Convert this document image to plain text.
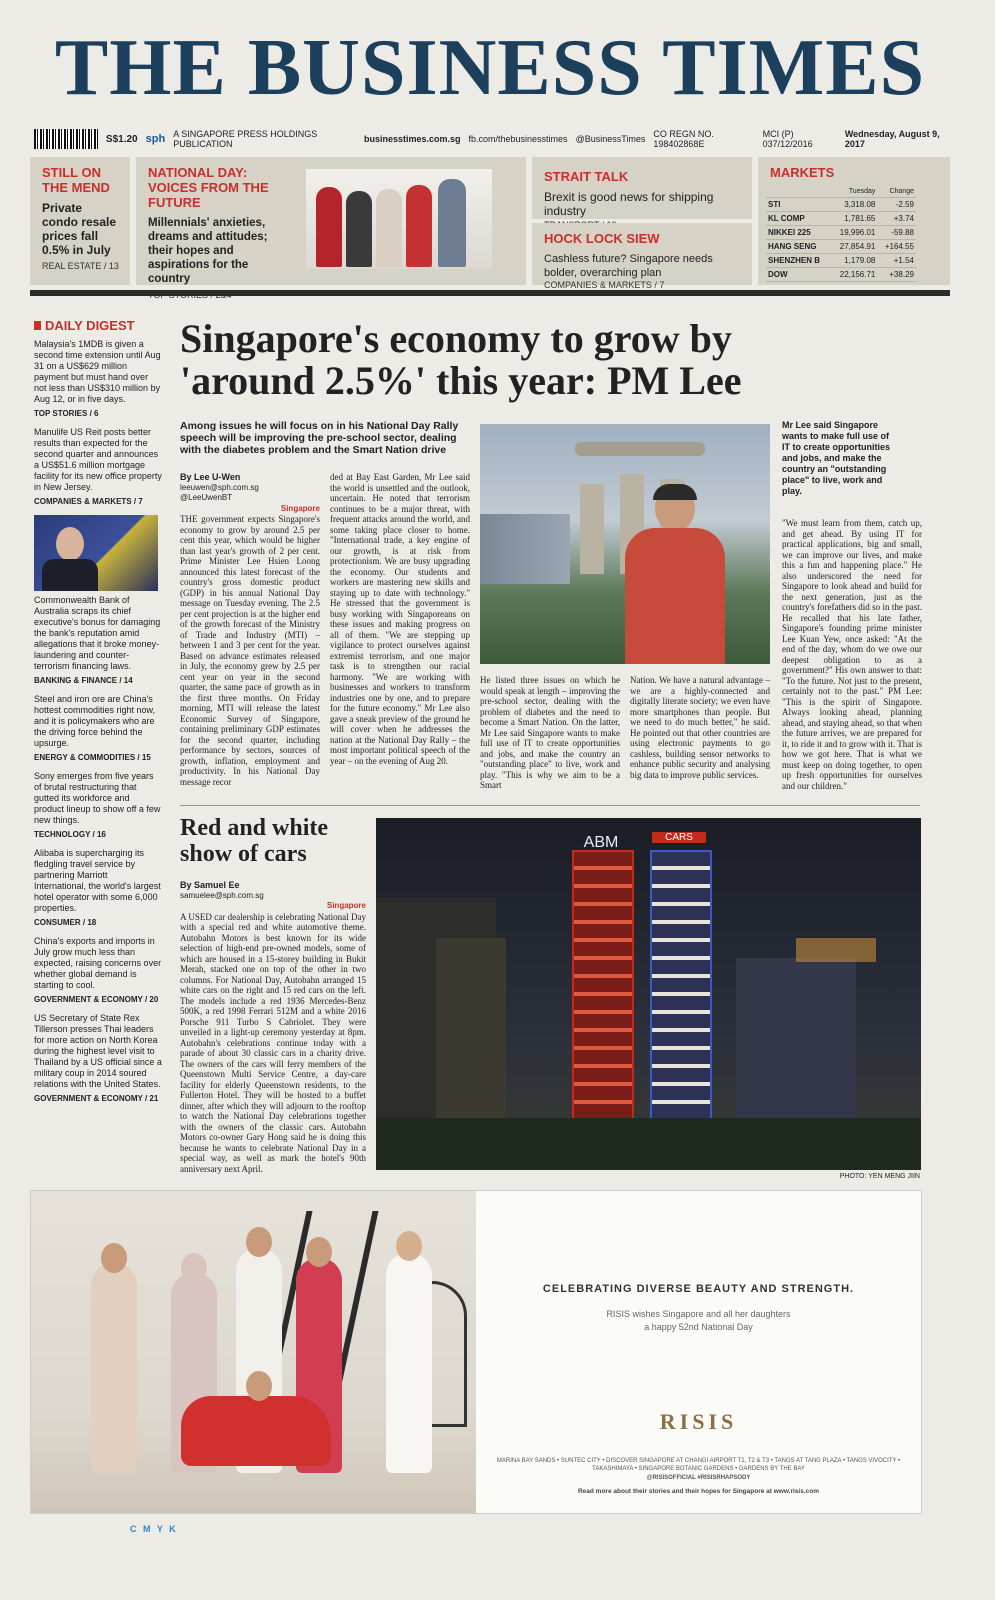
THE BUSINESS TIMES
S$1.20 sph A SINGAPORE PRESS HOLDINGS PUBLICATION	businesstimes.com.sg fb.com/thebusinesstimes @BusinessTimes CO REGN NO. 198402868E
MCI (P) 037/12/2016
Wednesday, August 9, 2017
STILL ON THE MEND

Private condo resale prices fall 0.5% in July

REAL ESTATE / 13
NATIONAL DAY: VOICES FROM THE FUTURE

Millennials' anxieties, dreams and attitudes; their hopes and aspirations for the country

STRAIT TALK

Brexit is good news for shipping industry

HOCK LOCK SIEW

Cashless future? Singapore needs bolder, overarching plan

COMPANIES & MARKETS / 7
MARKETS
	Tuesday	Change
STI	3,318.08	-2.59
KL COMP	1,781.65	+3.74
NIKKEI 225	19,996.01	-59.88
HANG SENG	27,854.91	+164.55
SHENZHEN B	1,179.08	+1.54
DOW	22,156.71	+38.29
DAILY DIGEST
Malaysia's 1MDB is given a second time extension until Aug 31 on a US$629 million payment but must hand over not less than US$310 million by Aug 12, or in five days.
TOP STORIES / 6
Manulife US Reit posts better results than expected for the second quarter and announces a US$51.6 million mortgage facility for its new office property in New Jersey.
COMPANIES & MARKETS / 7
Commonwealth Bank of Australia scraps its chief executive's bonus for damaging the bank's reputation amid allegations that it broke money-laundering and counter-terrorism financing laws.
BANKING & FINANCE / 14
Steel and iron ore are China's hottest commodities right now, and it is policymakers who are the driving force behind the upsurge.
ENERGY & COMMODITIES / 15
Sony emerges from five years of brutal restructuring that gutted its workforce and product lineup to show off a few new things.
TECHNOLOGY / 16
Alibaba is supercharging its fledgling travel service by partnering Marriott International, the world's largest hotel operator with some 6,000 properties.
CONSUMER / 18
China's exports and imports in July grow much less than expected, raising concerns over whether global demand is starting to cool.
GOVERNMENT & ECONOMY / 20
US Secretary of State Rex Tillerson presses Thai leaders for more action on North Korea during the highest level visit to Thailand by a US official since a military coup in 2014 soured relations with the United States.
GOVERNMENT & ECONOMY / 21
Singapore's economy to grow by 'around 2.5%' this year: PM Lee
Among issues he will focus on in his National Day Rally speech will be improving the pre-school sector, dealing with the diabetes problem and the Smart Nation drive
By Lee U-Wen
leeuwen@sph.com.sg
@LeeUwenBT
Singapore
THE government expects Singapore's economy to grow by around 2.5 per cent this year, which would be higher than last year's growth of 2 per cent. Prime Minister Lee Hsien Loong announced this latest forecast of the country's gross domestic product (GDP) in his annual National Day message on Tuesday evening. The 2.5 per cent projection is at the higher end of the growth forecast of the Ministry of Trade and Industry (MTI) – between 1 and 3 per cent for the year. Based on advance estimates released in July, the economy grew by 2.5 per cent year on year in the second quarter, the same pace of growth as in the first three months. On Friday morning, MTI will release the latest Economic Survey of Singapore, containing preliminary GDP estimates for the second quarter, including performance by sectors, sources of growth, inflation, employment and productivity. In his National Day message recor
ded at Bay East Garden, Mr Lee said the world is unsettled and the outlook, uncertain. He noted that terrorism continues to be a major threat, with frequent attacks around the world, and some taking place closer to home. "International trade, a key engine of our growth, is at risk from protectionism. We are busy upgrading the economy. Our students and workers are mastering new skills and staying up to date with technology." He stressed that the government is busy working with Singaporeans on these issues and making progress on all of them. "We are stepping up vigilance to protect ourselves against extremist terrorism, and one major task is to strengthen our racial harmony. "We are working with businesses and workers to transform industries one by one, and to prepare for the future economy." Mr Lee also gave a sneak preview of the ground he will cover when he addresses the nation at the National Day Rally – the most important political speech of the year – on the evening of Aug 20.
He listed three issues on which he would speak at length – improving the pre-school sector, dealing with the problem of diabetes and the need to become a Smart Nation. On the latter, Mr Lee said Singapore wants to make full use of IT to create opportunities and jobs, and make the country an "outstanding place" to live, work and play. "This is why we aim to be a Smart
Nation. We have a natural advantage – we are a highly-connected and digitally literate society; we even have more smartphones than people. But we need to do much better," he said. He pointed out that other countries are using electronic payments to go cashless, building sensor networks to enhance public security and analysing big data to improve public services.
Mr Lee said Singapore wants to make full use of IT to create opportunities and jobs, and make the country an "outstanding place" to live, work and play.
"We must learn from them, catch up, and get ahead. By using IT for practical applications, big and small, we can improve our lives, and make this a fun and happening place." He also underscored the need for Singapore to look ahead and build for the next generation, just as the country's forefathers did so in the past. He recalled that his late father, Singapore's founding prime minister Lee Kuan Yew, once asked: "At the end of the day, whom do we owe our deepest obligation to as a government?" His own answer to that: "To the future. Not just to the present, certainly not to the past." PM Lee: "This is the spirit of Singapore. Always looking ahead, planning ahead, and staying ahead, so that when the future arrives, we are prepared for it, to ride it and to grow with it. That is how we got here. That is what we must keep on doing together, to open up fresh opportunities for ourselves and our children."
Red and white show of cars
By Samuel Ee
samuelee@sph.com.sg
Singapore
A USED car dealership is celebrating National Day with a special red and white automotive theme. Autobahn Motors is best known for its wide selection of high-end pre-owned models, some of which are housed in a 15-storey building in Bukit Merah, stacked one on top of the other in two columns. For National Day, Autobahn arranged 15 white cars on the right and 15 red cars on the left. The models include a red 1936 Mercedes-Benz 500K, a red 1998 Ferrari 512M and a white 2016 Porsche 911 Turbo S Cabriolet. They were unveiled in a light-up ceremony yesterday at 8pm. Autobahn's celebrations continue today with a parade of about 30 classic cars in a charity drive. The owners of the cars will ferry members of the Queenstown Multi Service Centre, a day-care facility for elderly Queenstown residents, to the Fullerton Hotel. They will be hosted to a buffet dinner, after which they will adjourn to the rooftop to watch the National Day celebrations together with the owners of the classic cars. Autobahn Motors co-owner Gary Hong said he is doing this because he wants to celebrate National Day in a special way, as well as mark the hotel's 90th anniversary next April.
ABM	CARS
PHOTO: YEN MENG JIIN
CELEBRATING DIVERSE BEAUTY AND STRENGTH.
RISIS wishes Singapore and all her daughters
a happy 52nd National Day
RISIS
MARINA BAY SANDS • SUNTEC CITY • DISCOVER SINGAPORE AT CHANGI AIRPORT T1, T2 & T3 • TANGS AT TANG PLAZA • TANGS VIVOCITY • TAKASHIMAYA • SINGAPORE BOTANIC GARDENS • GARDENS BY THE BAY
@RISISOFFICIAL #RISISRHAPSODY
Read more about their stories and their hopes for Singapore at www.risis.com
C M Y K
